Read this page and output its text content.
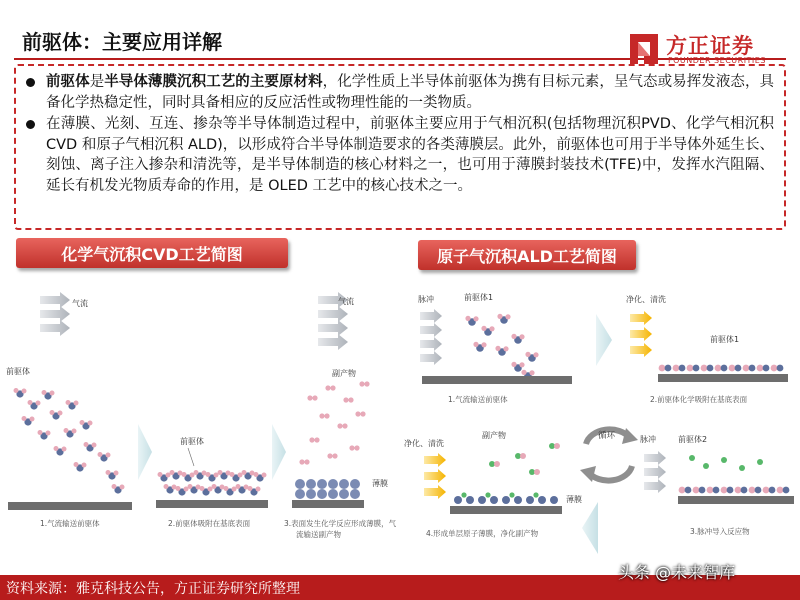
前驱体：主要应用详解	方正证券
FOUNDER SECURITIES

前驱体是半导体薄膜沉积工艺的主要原材料，化学性质上半导体前驱体为携有目标元素，呈气态或易挥发液态，具备化学热稳定性，同时具备相应的反应活性或物理性能的一类物质。

在薄膜、光刻、互连、掺杂等半导体制造过程中，前驱体主要应用于气相沉积(包括物理沉积PVD、化学气相沉积 CVD 和原子气相沉积 ALD)，以形成符合半导体制造要求的各类薄膜层。此外，前驱体也可用于半导体外延生长、刻蚀、离子注入掺杂和清洗等，是半导体制造的核心材料之一，也可用于薄膜封装技术(TFE)中，发挥水汽阻隔、延长有机发光物质寿命的作用，是 OLED 工艺中的核心技术之一。

化学气沉积CVD工艺简图	原子气沉积ALD工艺简图
气流
前驱体
1.气流输送前驱体
前驱体
2.前驱体吸附在基底表面
气流
副产物
薄膜
3.表面发生化学反应形成薄膜，气
流输送副产物
脉冲	前驱体1
1.气流输送前驱体
净化、清洗
前驱体1
2.前驱体化学吸附在基底表面
净化、清洗
副产物
薄膜
4.形成单层原子薄膜，净化副产物
循环	脉冲	前驱体2
3.脉冲导入反应物
资料来源：雅克科技公告，方正证券研究所整理
头条 @未来智库
